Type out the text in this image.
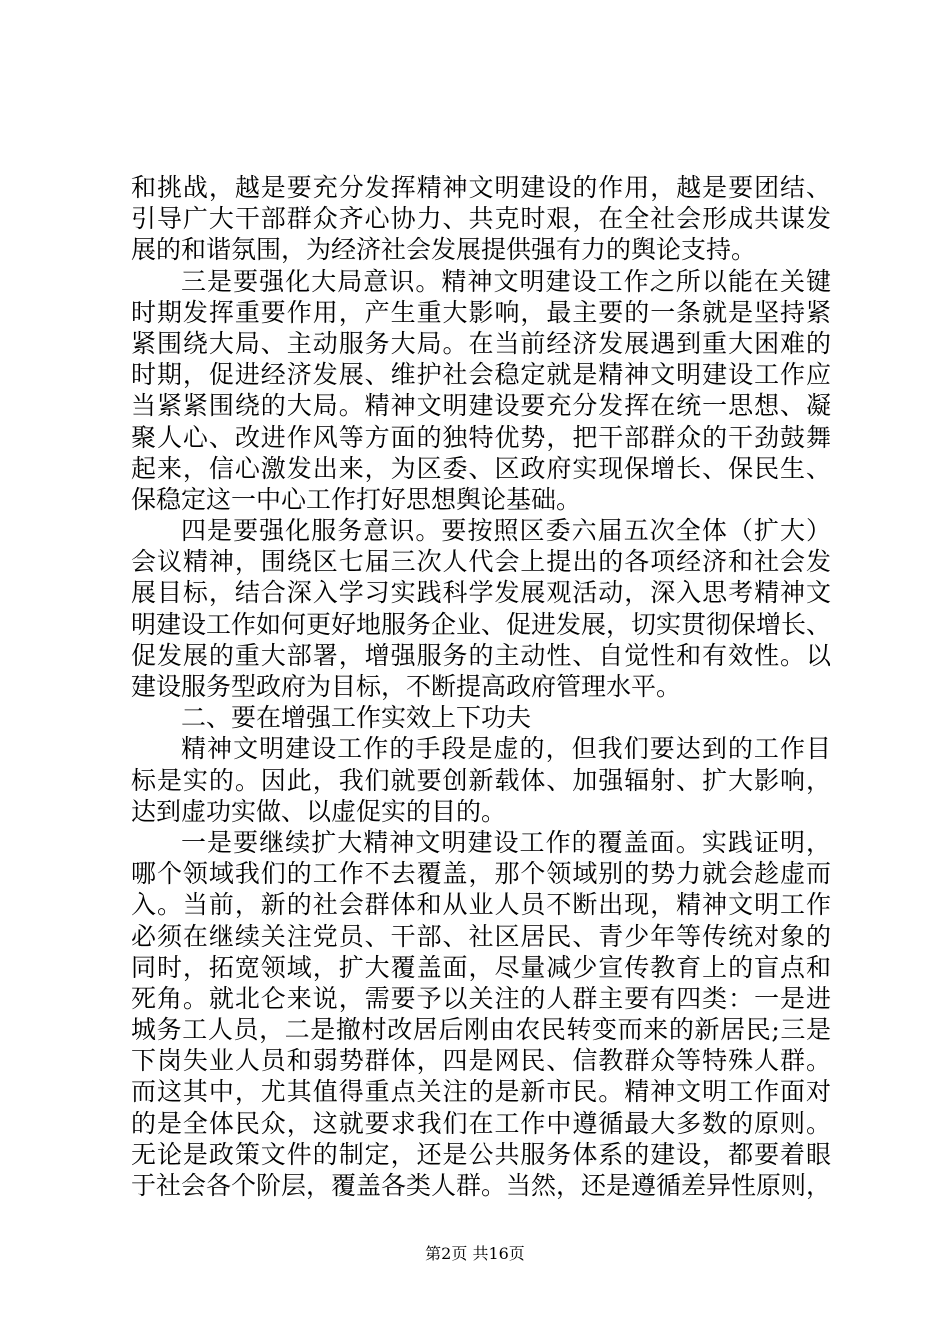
和挑战，越是要充分发挥精神文明建设的作用，越是要团结、
引导广大干部群众齐心协力、共克时艰，在全社会形成共谋发
展的和谐氛围，为经济社会发展提供强有力的舆论支持。
三是要强化大局意识。精神文明建设工作之所以能在关键
时期发挥重要作用，产生重大影响，最主要的一条就是坚持紧
紧围绕大局、主动服务大局。在当前经济发展遇到重大困难的
时期，促进经济发展、维护社会稳定就是精神文明建设工作应
当紧紧围绕的大局。精神文明建设要充分发挥在统一思想、凝
聚人心、改进作风等方面的独特优势，把干部群众的干劲鼓舞
起来，信心激发出来，为区委、区政府实现保增长、保民生、
保稳定这一中心工作打好思想舆论基础。
四是要强化服务意识。要按照区委六届五次全体（扩大）
会议精神，围绕区七届三次人代会上提出的各项经济和社会发
展目标，结合深入学习实践科学发展观活动，深入思考精神文
明建设工作如何更好地服务企业、促进发展，切实贯彻保增长、
促发展的重大部署，增强服务的主动性、自觉性和有效性。以
建设服务型政府为目标，不断提高政府管理水平。
二、要在增强工作实效上下功夫
精神文明建设工作的手段是虚的，但我们要达到的工作目
标是实的。因此，我们就要创新载体、加强辐射、扩大影响，
达到虚功实做、以虚促实的目的。
一是要继续扩大精神文明建设工作的覆盖面。实践证明，
哪个领域我们的工作不去覆盖，那个领域别的势力就会趁虚而
入。当前，新的社会群体和从业人员不断出现，精神文明工作
必须在继续关注党员、干部、社区居民、青少年等传统对象的
同时，拓宽领域，扩大覆盖面，尽量减少宣传教育上的盲点和
死角。就北仑来说，需要予以关注的人群主要有四类：一是进
城务工人员，二是撤村改居后刚由农民转变而来的新居民;三是
下岗失业人员和弱势群体，四是网民、信教群众等特殊人群。
而这其中，尤其值得重点关注的是新市民。精神文明工作面对
的是全体民众，这就要求我们在工作中遵循最大多数的原则。
无论是政策文件的制定，还是公共服务体系的建设，都要着眼
于社会各个阶层，覆盖各类人群。当然，还是遵循差异性原则，
第2页 共16页
